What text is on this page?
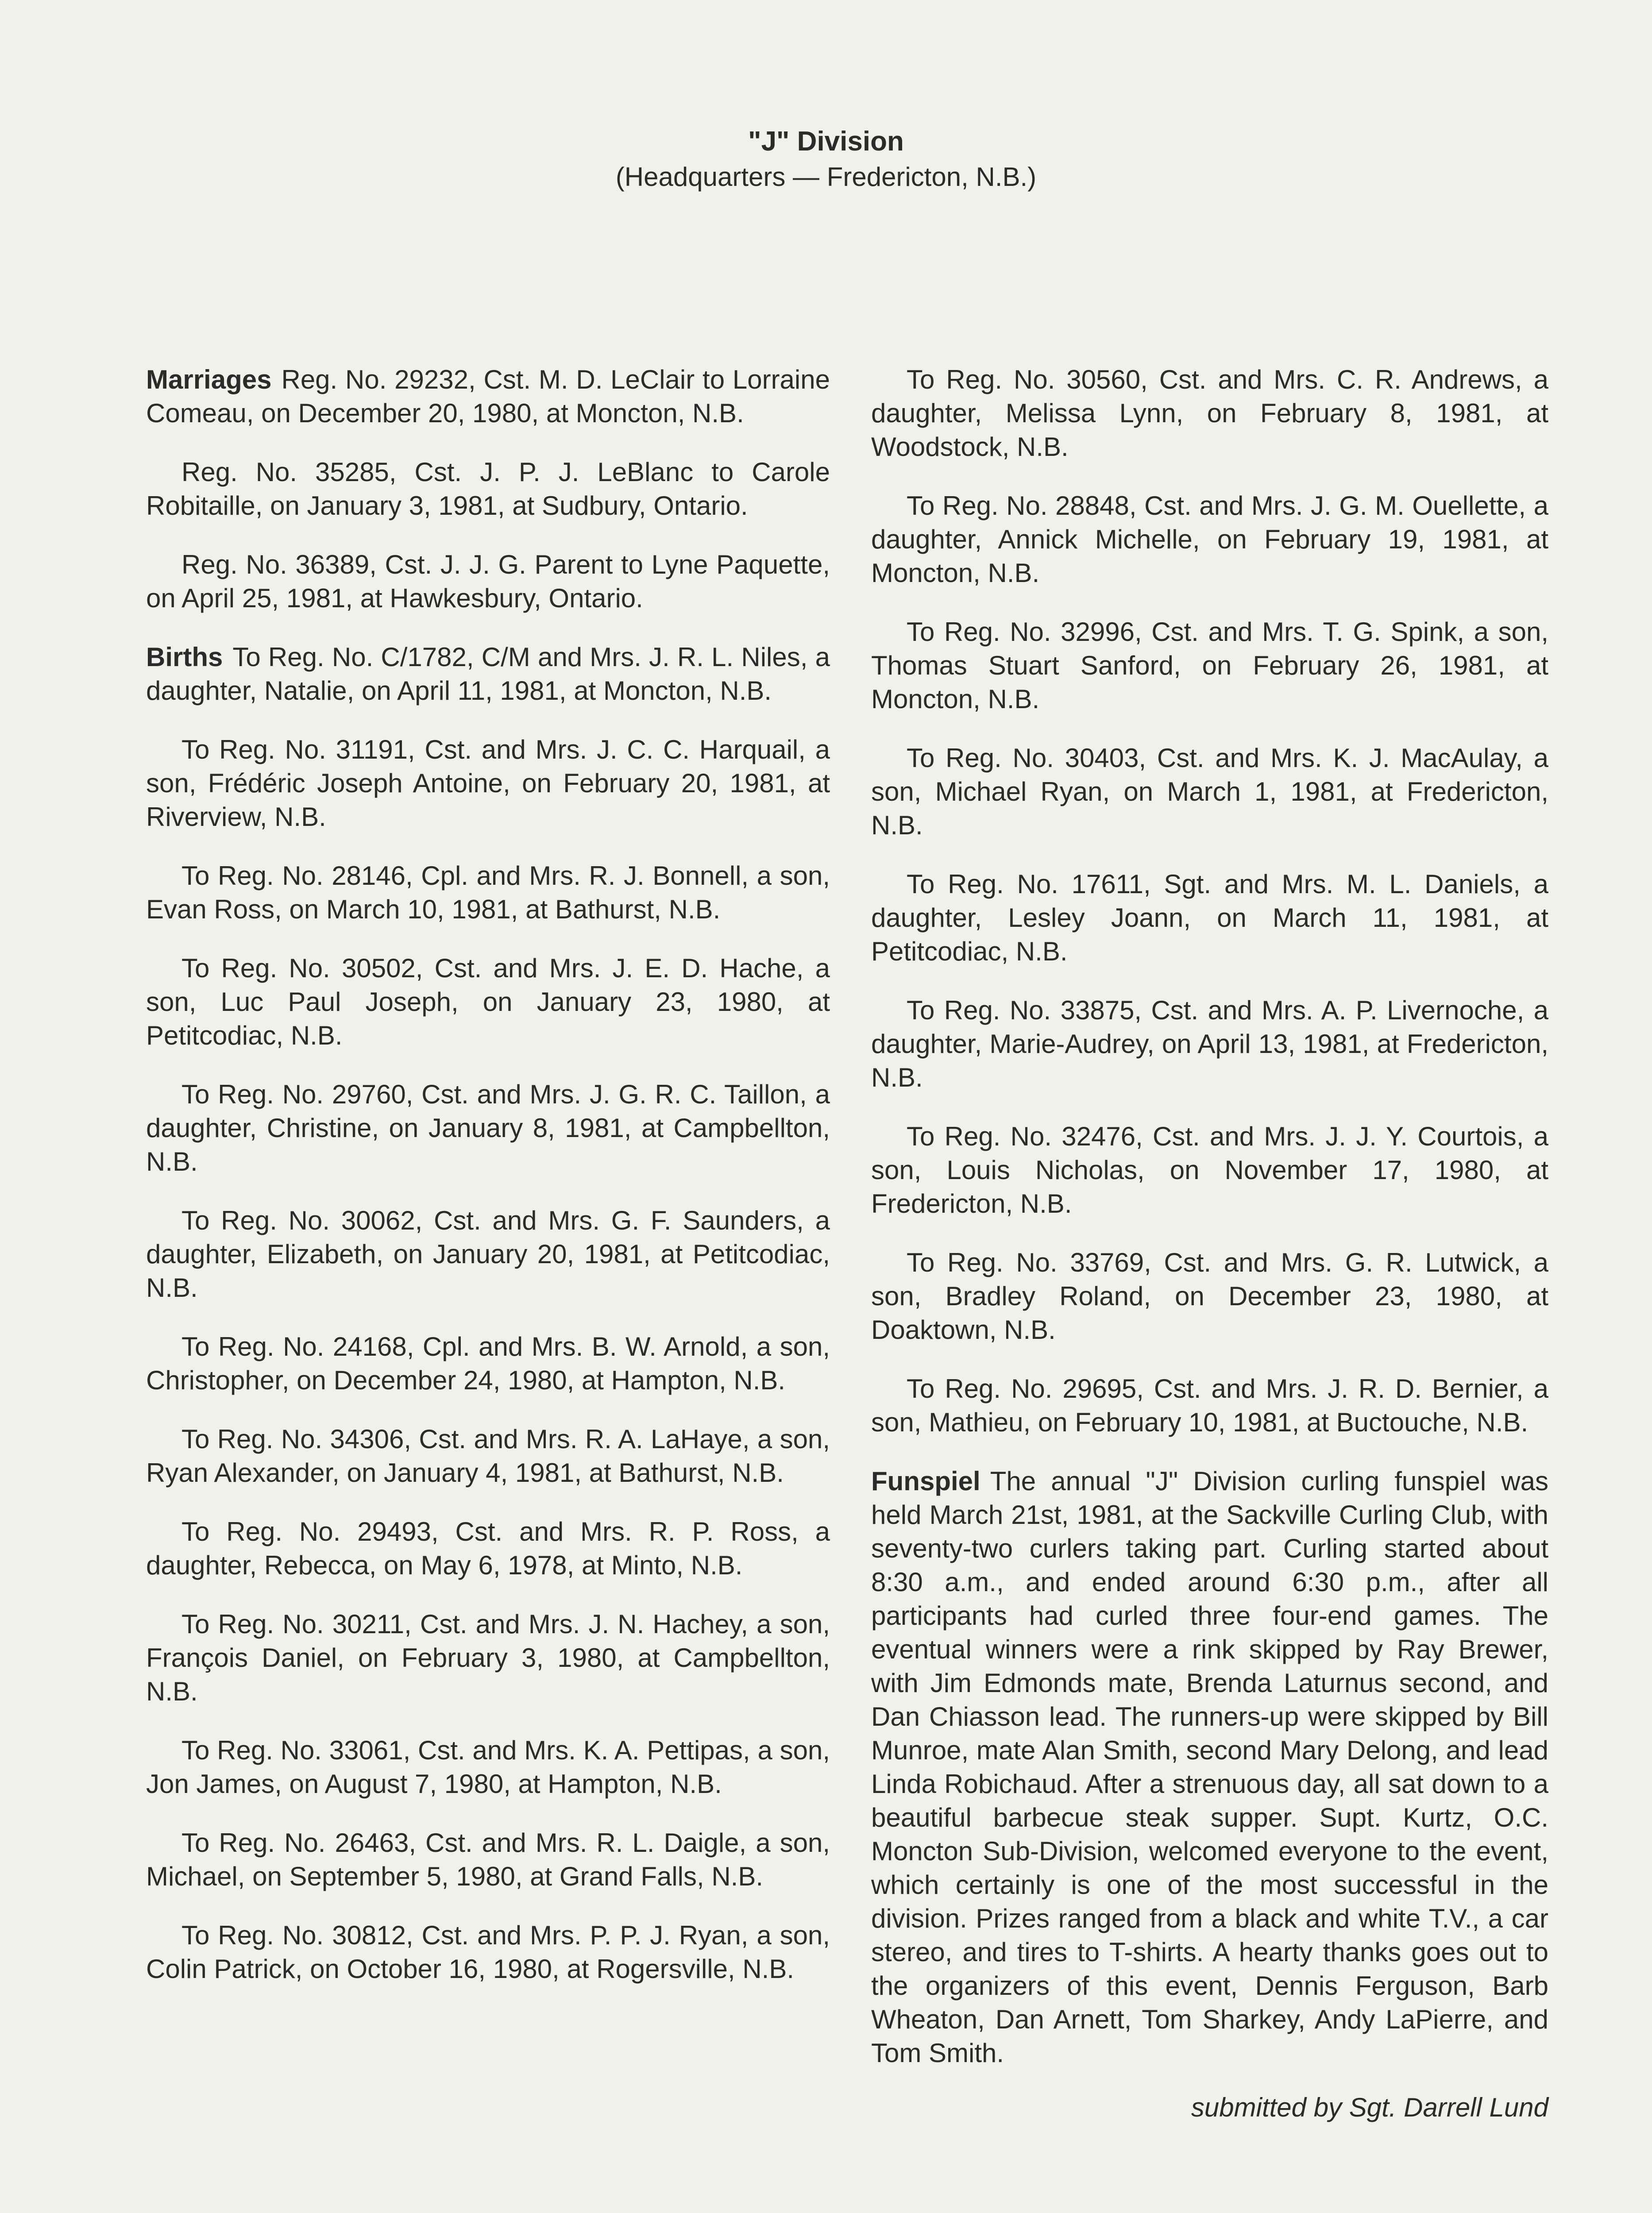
"J" Division
(Headquarters — Fredericton, N.B.)

Marriages Reg. No. 29232, Cst. M. D. LeClair to Lorraine Comeau, on December 20, 1980, at Moncton, N.B.

Reg. No. 35285, Cst. J. P. J. LeBlanc to Carole Robitaille, on January 3, 1981, at Sudbury, Ontario.

Reg. No. 36389, Cst. J. J. G. Parent to Lyne Paquette, on April 25, 1981, at Hawkesbury, Ontario.

Births To Reg. No. C/1782, C/M and Mrs. J. R. L. Niles, a daughter, Natalie, on April 11, 1981, at Moncton, N.B.

To Reg. No. 31191, Cst. and Mrs. J. C. C. Harquail, a son, Frédéric Joseph Antoine, on February 20, 1981, at Riverview, N.B.

To Reg. No. 28146, Cpl. and Mrs. R. J. Bonnell, a son, Evan Ross, on March 10, 1981, at Bathurst, N.B.

To Reg. No. 30502, Cst. and Mrs. J. E. D. Hache, a son, Luc Paul Joseph, on January 23, 1980, at Petitcodiac, N.B.

To Reg. No. 29760, Cst. and Mrs. J. G. R. C. Taillon, a daughter, Christine, on January 8, 1981, at Campbellton, N.B.

To Reg. No. 30062, Cst. and Mrs. G. F. Saunders, a daughter, Elizabeth, on January 20, 1981, at Petitcodiac, N.B.

To Reg. No. 24168, Cpl. and Mrs. B. W. Arnold, a son, Christopher, on December 24, 1980, at Hampton, N.B.

To Reg. No. 34306, Cst. and Mrs. R. A. LaHaye, a son, Ryan Alexander, on January 4, 1981, at Bathurst, N.B.

To Reg. No. 29493, Cst. and Mrs. R. P. Ross, a daughter, Rebecca, on May 6, 1978, at Minto, N.B.

To Reg. No. 30211, Cst. and Mrs. J. N. Hachey, a son, François Daniel, on February 3, 1980, at Campbellton, N.B.

To Reg. No. 33061, Cst. and Mrs. K. A. Pettipas, a son, Jon James, on August 7, 1980, at Hampton, N.B.

To Reg. No. 26463, Cst. and Mrs. R. L. Daigle, a son, Michael, on September 5, 1980, at Grand Falls, N.B.

To Reg. No. 30812, Cst. and Mrs. P. P. J. Ryan, a son, Colin Patrick, on October 16, 1980, at Rogersville, N.B.

To Reg. No. 30560, Cst. and Mrs. C. R. Andrews, a daughter, Melissa Lynn, on February 8, 1981, at Woodstock, N.B.

To Reg. No. 28848, Cst. and Mrs. J. G. M. Ouellette, a daughter, Annick Michelle, on February 19, 1981, at Moncton, N.B.

To Reg. No. 32996, Cst. and Mrs. T. G. Spink, a son, Thomas Stuart Sanford, on February 26, 1981, at Moncton, N.B.

To Reg. No. 30403, Cst. and Mrs. K. J. MacAulay, a son, Michael Ryan, on March 1, 1981, at Fredericton, N.B.

To Reg. No. 17611, Sgt. and Mrs. M. L. Daniels, a daughter, Lesley Joann, on March 11, 1981, at Petitcodiac, N.B.

To Reg. No. 33875, Cst. and Mrs. A. P. Livernoche, a daughter, Marie-Audrey, on April 13, 1981, at Fredericton, N.B.

To Reg. No. 32476, Cst. and Mrs. J. J. Y. Courtois, a son, Louis Nicholas, on November 17, 1980, at Fredericton, N.B.

To Reg. No. 33769, Cst. and Mrs. G. R. Lutwick, a son, Bradley Roland, on December 23, 1980, at Doaktown, N.B.

To Reg. No. 29695, Cst. and Mrs. J. R. D. Bernier, a son, Mathieu, on February 10, 1981, at Buctouche, N.B.

Funspiel The annual "J" Division curling funspiel was held March 21st, 1981, at the Sackville Curling Club, with seventy-two curlers taking part. Curling started about 8:30 a.m., and ended around 6:30 p.m., after all participants had curled three four-end games. The eventual winners were a rink skipped by Ray Brewer, with Jim Edmonds mate, Brenda Laturnus second, and Dan Chiasson lead. The runners-up were skipped by Bill Munroe, mate Alan Smith, second Mary Delong, and lead Linda Robichaud. After a strenuous day, all sat down to a beautiful barbecue steak supper. Supt. Kurtz, O.C. Moncton Sub-Division, welcomed everyone to the event, which certainly is one of the most successful in the division. Prizes ranged from a black and white T.V., a car stereo, and tires to T-shirts. A hearty thanks goes out to the organizers of this event, Dennis Ferguson, Barb Wheaton, Dan Arnett, Tom Sharkey, Andy LaPierre, and Tom Smith.

submitted by Sgt. Darrell Lund
